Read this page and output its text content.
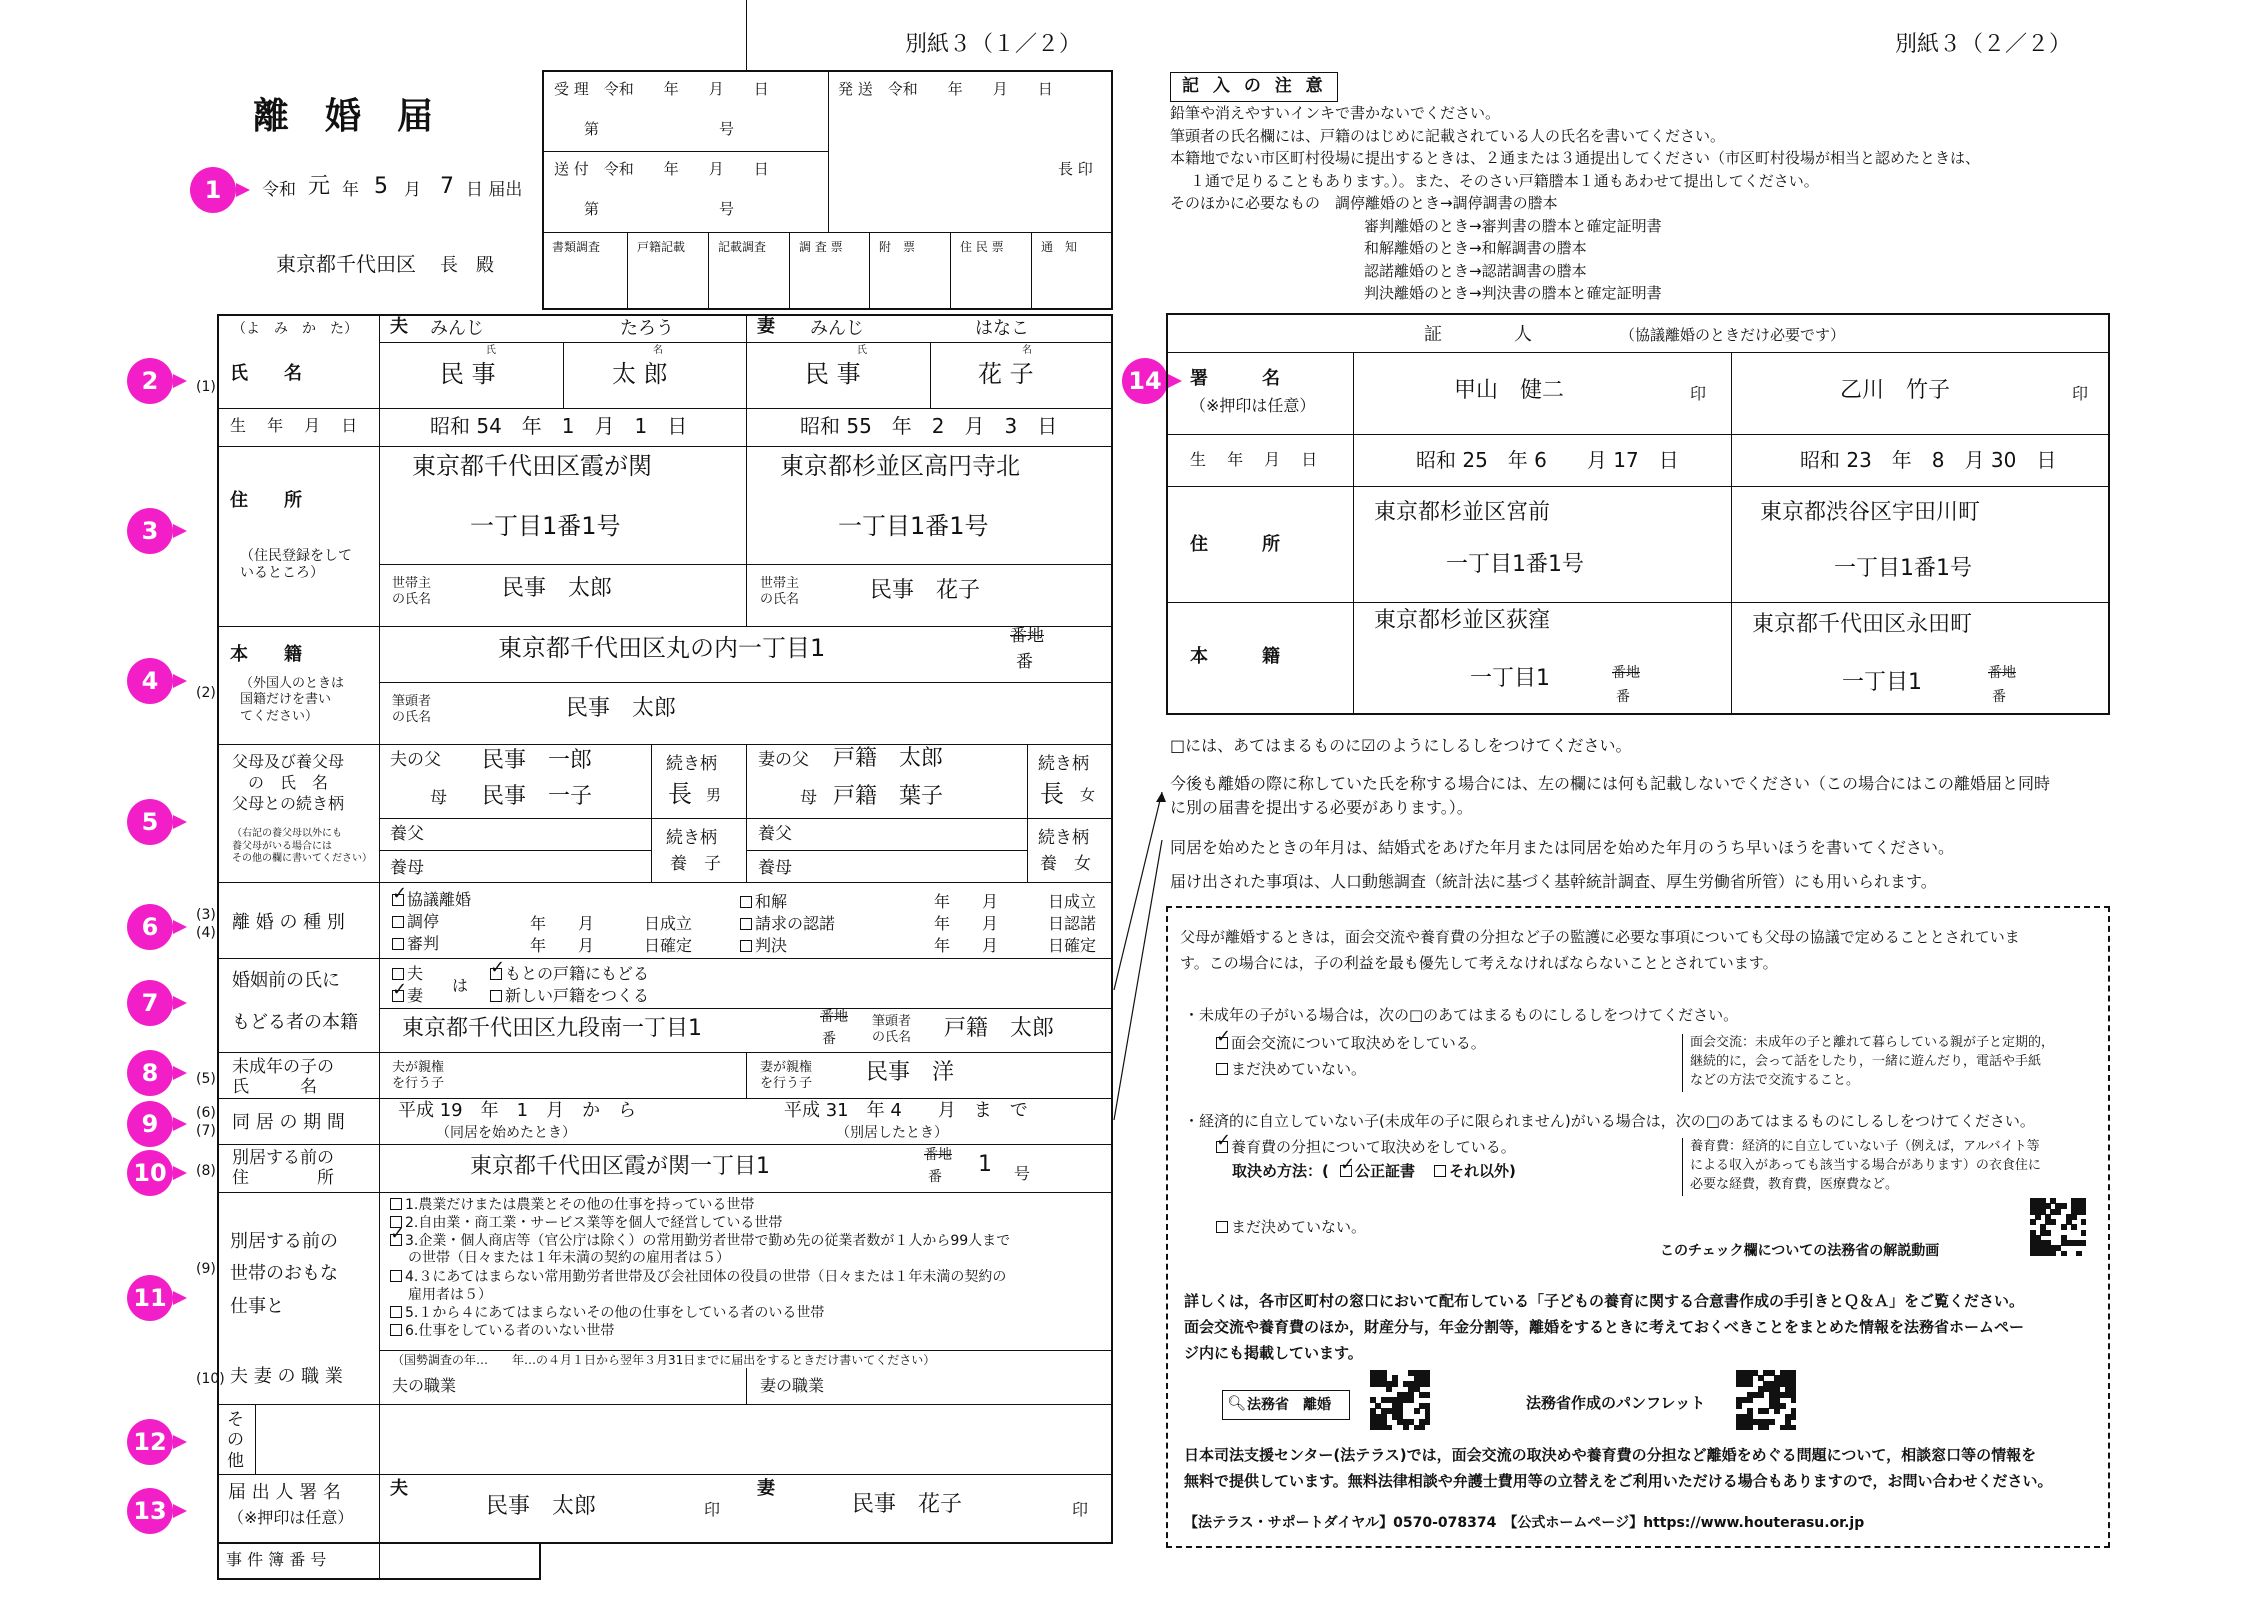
別紙３（１／２）	別紙３（２／２）
離　婚　届
令和 元 年 5 月 7 日 届出
東京都千代田区 長　殿
受 理　令和　　年　　月　　日
第　　　　　　　　号
発 送　令和　　年　　月　　日
送 付　令和　　年　　月　　日
第　　　　　　　　号
長 印
書類調査	戸籍記載	記載調査	調 査 票	附　票	住 民 票	通　知
1
2
3
4
5
6
7
8
9
10
11
12
13
14
（よ　み　か　た） 夫 みんじ	たろう	妻 みんじ	はなこ
氏	名	氏	名
(1)
氏　　名	民 事	太 郎	民 事	花 子
生 年 月 日	昭和 54　年　1　月　1　日	昭和 55　年　2　月　3　日
住　　所
（住民登録をして
いるところ）
東京都千代田区霞が関
一丁目1番1号
東京都杉並区高円寺北
一丁目1番1号
世帯主
の氏名	民事　太郎	世帯主
の氏名	民事　花子
(2)
本　　籍
（外国人のときは
国籍だけを書い
てください）
東京都千代田区丸の内一丁目1	番地
番
筆頭者
の氏名	民事　太郎
父母及び養父母
の　氏　名
父母との続き柄
（右記の養父母以外にも
養父母がいる場合には
その他の欄に書いてください）
夫の父 民事　一郎
母 民事　一子
続き柄
長 男
妻の父 戸籍　太郎
母 戸籍　葉子
続き柄
長 女
養父
養母
続き柄
養　子
養父
養母
続き柄
養　女
(3)
(4)
離 婚 の 種 別
✓協議離婚
調停	年　　月	日成立
審判	年　　月	日確定
和解	年　　月	日成立
請求の認諾	年　　月	日認諾
判決	年　　月	日確定
婚姻前の氏に
もどる者の本籍
夫
✓妻
は
✓もとの戸籍にもどる
新しい戸籍をつくる
東京都千代田区九段南一丁目1	番地
番
筆頭者
の氏名 戸籍　太郎
(5)
未成年の子の
氏　　　名
夫が親権
を行う子
妻が親権
を行う子 民事　洋
(6)
(7) 同 居 の 期 間
平成 19　年　1　月　か　ら
（同居を始めたとき）
平成 31　年 4　　月　ま　で
（別居したとき）
(8)
別居する前の
住　　　　所	東京都千代田区霞が関一丁目1	番地
番 1 号
(9)
別居する前の
世帯のおもな
仕事と
1.農業だけまたは農業とその他の仕事を持っている世帯
2.自由業・商工業・サービス業等を個人で経営している世帯
✓3.企業・個人商店等（官公庁は除く）の常用勤労者世帯で勤め先の従業者数が１人から99人まで
の世帯（日々または１年未満の契約の雇用者は５）
4.３にあてはまらない常用勤労者世帯及び会社団体の役員の世帯（日々または１年未満の契約の
雇用者は５）
5.１から４にあてはまらないその他の仕事をしている者のいる世帯
6.仕事をしている者のいない世帯
（国勢調査の年…　　年…の４月１日から翌年３月31日までに届出をするときだけ書いてください）
(10) 夫 妻 の 職 業	夫の職業	妻の職業
その他
届 出 人 署 名
（※押印は任意）
夫
民事　太郎	印
妻
民事　花子	印
事 件 簿 番 号
記 入 の 注 意
鉛筆や消えやすいインキで書かないでください。
筆頭者の氏名欄には、戸籍のはじめに記載されている人の氏名を書いてください。
本籍地でない市区町村役場に提出するときは、２通または３通提出してください（市区町村役場が相当と認めたときは、
１通で足りることもあります。）。また、そのさい戸籍謄本１通もあわせて提出してください。
そのほかに必要なもの　調停離婚のとき→調停調書の謄本
審判離婚のとき→審判書の謄本と確定証明書
和解離婚のとき→和解調書の謄本
認諾離婚のとき→認諾調書の謄本
判決離婚のとき→判決書の謄本と確定証明書
証　　　　人	（協議離婚のときだけ必要です）
署　　　名
（※押印は任意）
甲山　健二	印	乙川　竹子	印
生 年 月 日	昭和 25　年 6　　月 17　日	昭和 23　年　8　月 30　日
住　　　所
東京都杉並区宮前
一丁目1番1号
東京都渋谷区宇田川町
一丁目1番1号
本　　　籍
東京都杉並区荻窪
一丁目1	番地
番
東京都千代田区永田町
一丁目1	番地
番
□には、あてはまるものに☑のようにしるしをつけてください。
今後も離婚の際に称していた氏を称する場合には、左の欄には何も記載しないでください（この場合にはこの離婚届と同時
に別の届書を提出する必要があります。）。
同居を始めたときの年月は、結婚式をあげた年月または同居を始めた年月のうち早いほうを書いてください。
届け出された事項は、人口動態調査（統計法に基づく基幹統計調査、厚生労働省所管）にも用いられます。
父母が離婚するときは，面会交流や養育費の分担など子の監護に必要な事項についても父母の協議で定めることとされていま
す。この場合には，子の利益を最も優先して考えなければならないこととされています。
・未成年の子がいる場合は，次の□のあてはまるものにしるしをつけてください。
✓面会交流について取決めをしている。
まだ決めていない。
面会交流：未成年の子と離れて暮らしている親が子と定期的，
継続的に，会って話をしたり，一緒に遊んだり，電話や手紙
などの方法で交流すること。
・経済的に自立していない子(未成年の子に限られません)がいる場合は，次の□のあてはまるものにしるしをつけてください。
✓養育費の分担について取決めをしている。
取決め方法：(
✓	公正証書	それ以外)
養育費：経済的に自立していない子（例えば，アルバイト等
による収入があっても該当する場合があります）の衣食住に
必要な経費，教育費，医療費など。
まだ決めていない。
このチェック欄についての法務省の解説動画
詳しくは，各市区町村の窓口において配布している「子どもの養育に関する合意書作成の手引きとＱ＆Ａ」をご覧ください。
面会交流や養育費のほか，財産分与，年金分割等，離婚をするときに考えておくべきことをまとめた情報を法務省ホームペー
ジ内にも掲載しています。
🔍︎ 法務省　離婚	法務省作成のパンフレット
日本司法支援センター(法テラス)では，面会交流の取決めや養育費の分担など離婚をめぐる問題について，相談窓口等の情報を
無料で提供しています。無料法律相談や弁護士費用等の立替えをご利用いただける場合もありますので，お問い合わせください。
【法テラス・サポートダイヤル】0570-078374　【公式ホームページ】https://www.houterasu.or.jp
